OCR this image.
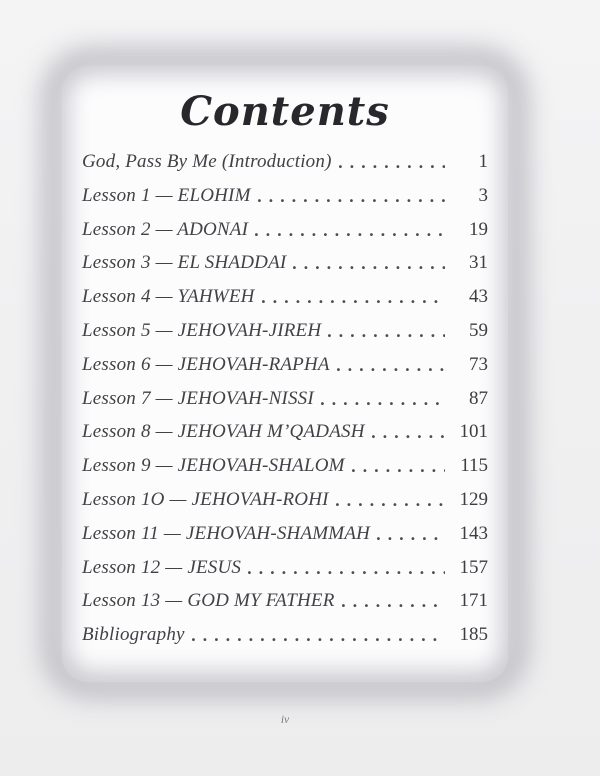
Contents
God, Pass By Me (Introduction)	1
Lesson 1 — ELOHIM	3
Lesson 2 — ADONAI	19
Lesson 3 — EL SHADDAI	31
Lesson 4 — YAHWEH	43
Lesson 5 — JEHOVAH-JIREH	59
Lesson 6 — JEHOVAH-RAPHA	73
Lesson 7 — JEHOVAH-NISSI	87
Lesson 8 — JEHOVAH M’QADASH	101
Lesson 9 — JEHOVAH-SHALOM	115
Lesson 1O — JEHOVAH-ROHI	129
Lesson 11 — JEHOVAH-SHAMMAH	143
Lesson 12 — JESUS	157
Lesson 13 — GOD MY FATHER	171
Bibliography	185
iv
